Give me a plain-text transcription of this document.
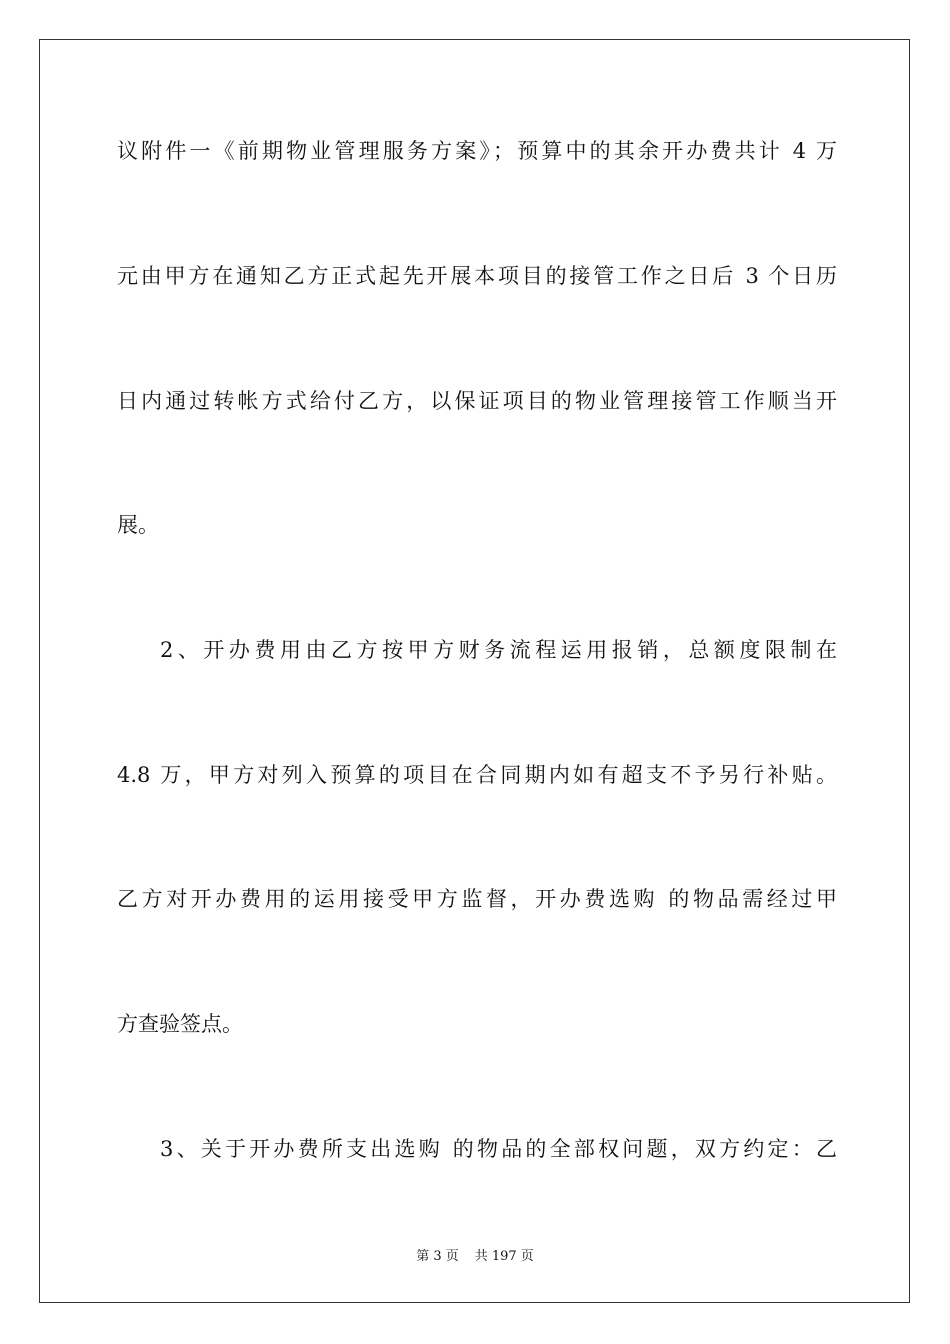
议附件一《前期物业管理服务方案》；预算中的其余开办费共计 4 万
元由甲方在通知乙方正式起先开展本项目的接管工作之日后 3 个日历
日内通过转帐方式给付乙方，以保证项目的物业管理接管工作顺当开
展。
2、开办费用由乙方按甲方财务流程运用报销，总额度限制在
4.8 万，甲方对列入预算的项目在合同期内如有超支不予另行补贴。
乙方对开办费用的运用接受甲方监督，开办费选购 的物品需经过甲
方查验签点。
3、关于开办费所支出选购 的物品的全部权问题，双方约定：乙
第 3 页 共 197 页
